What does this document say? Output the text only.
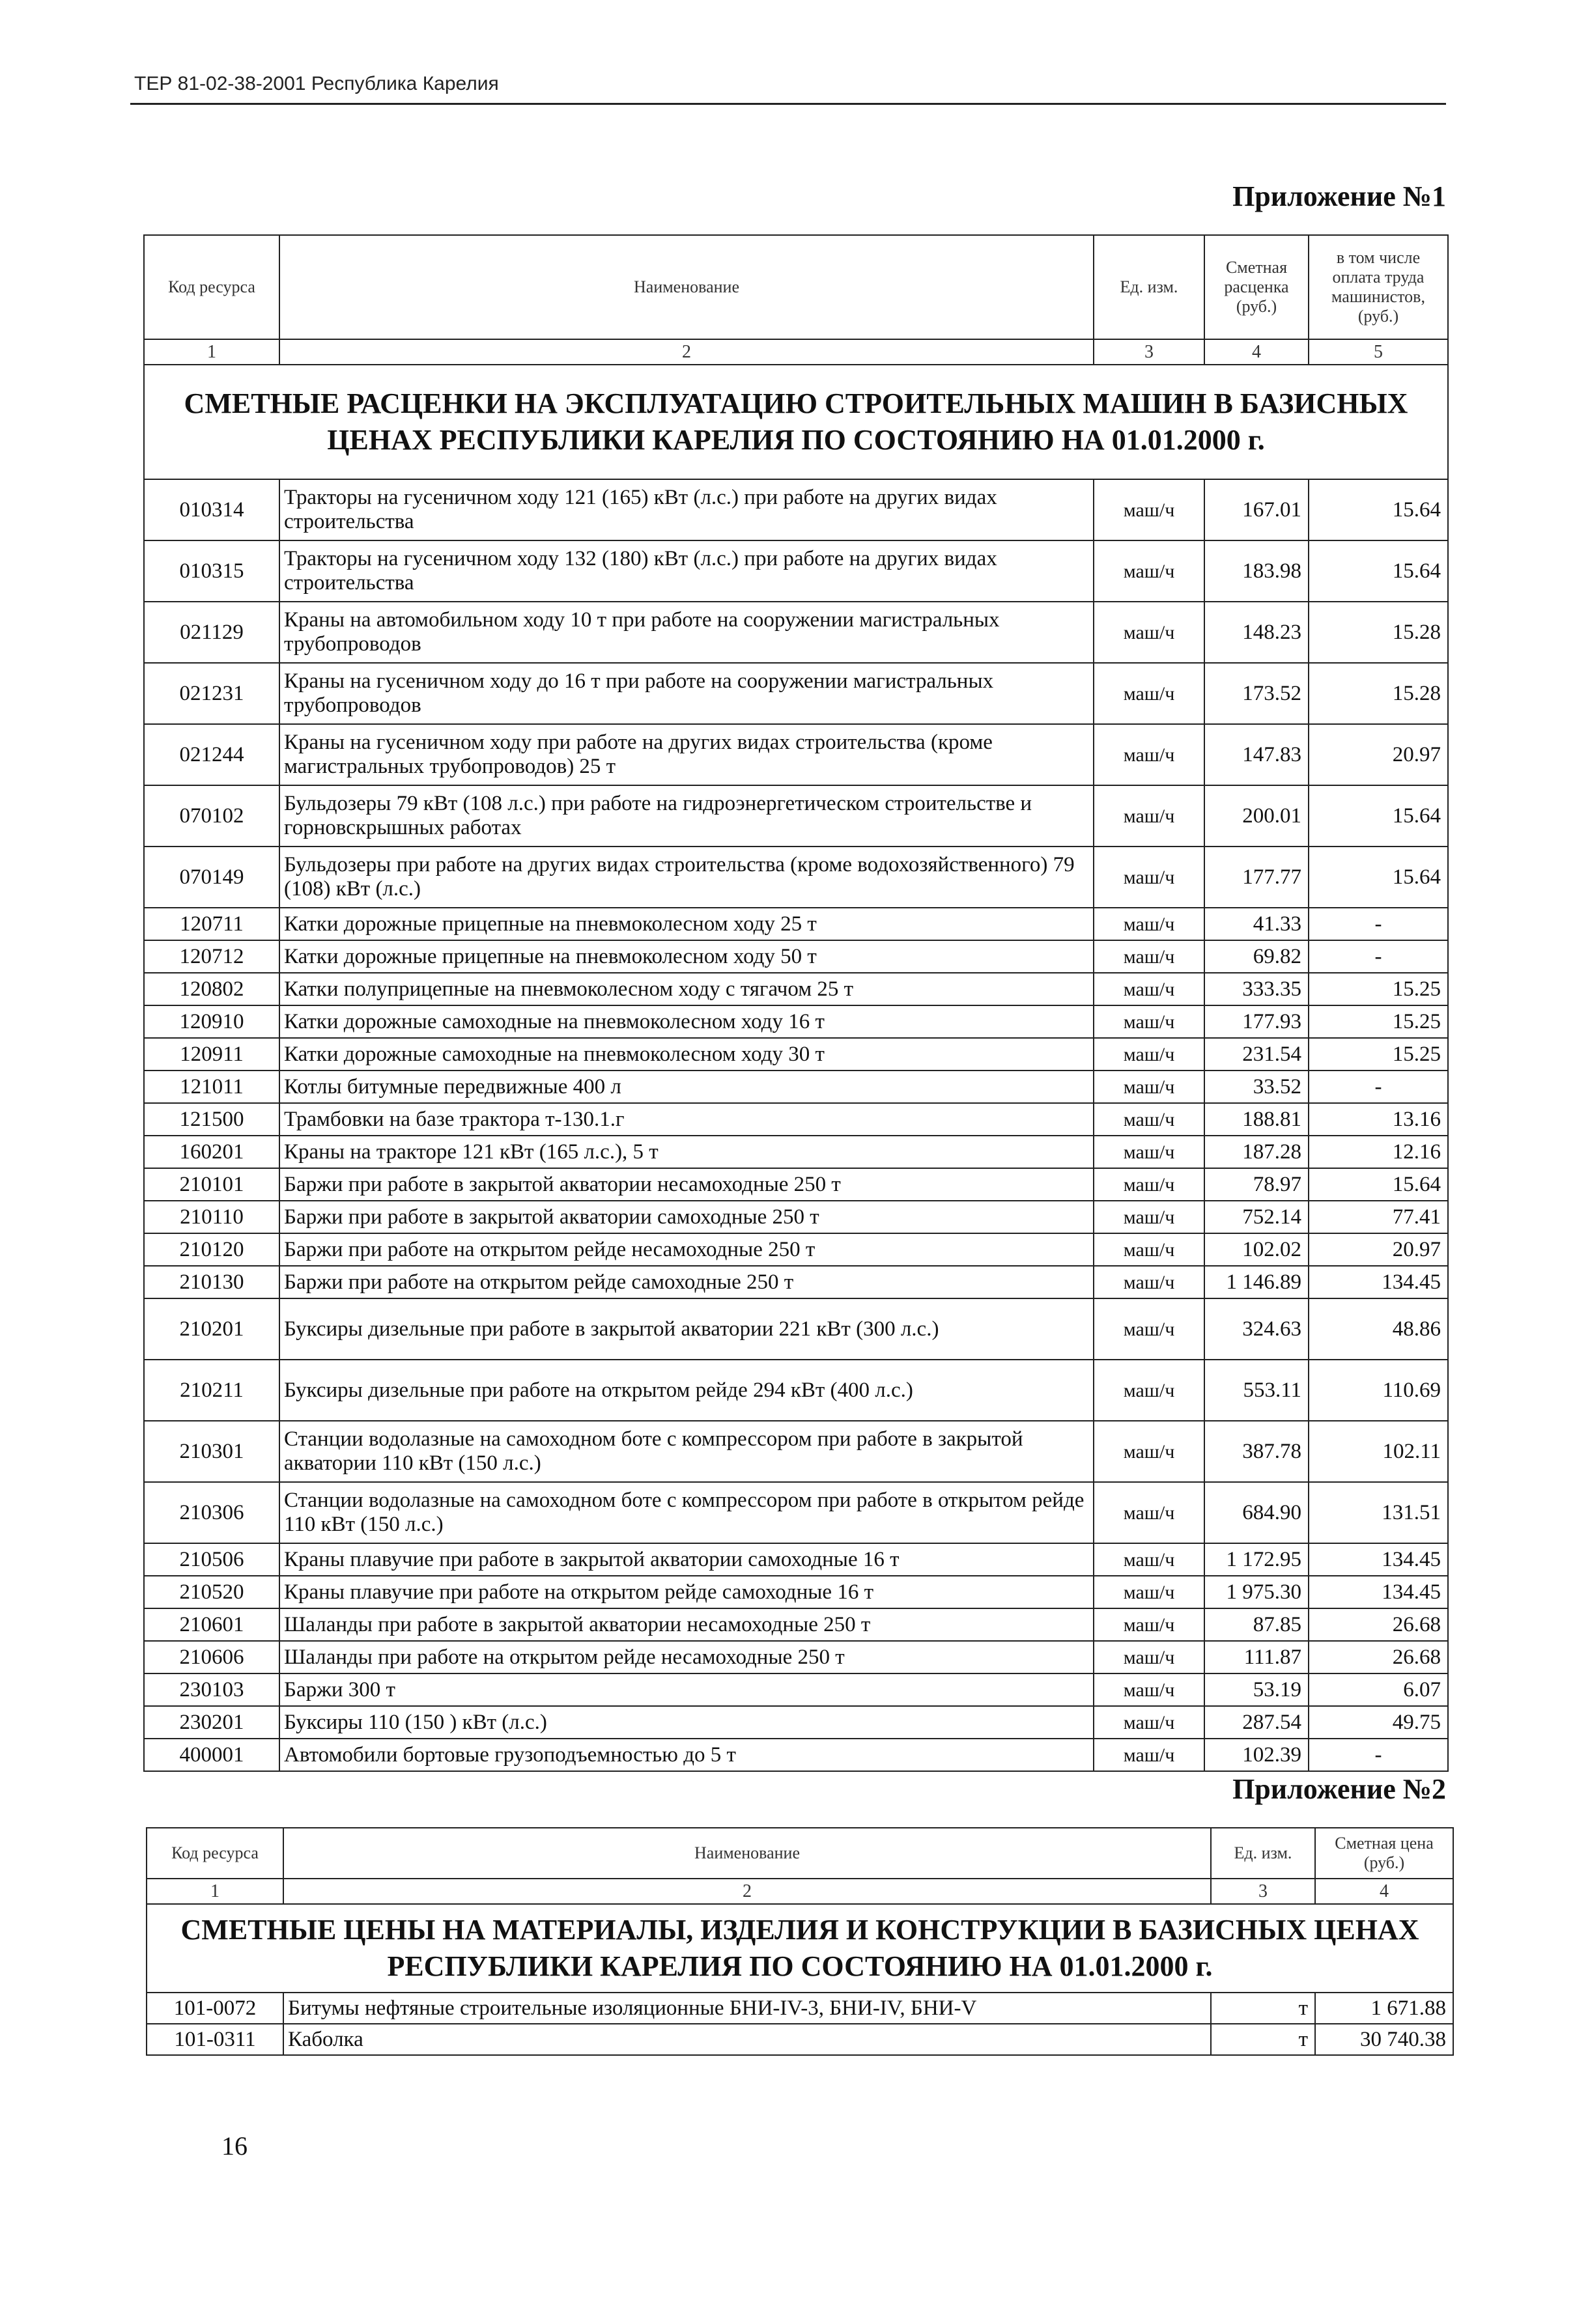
ТЕР 81-02-38-2001 Республика Карелия
Приложение №1
Код ресурса	Наименование	Ед. изм.	Сметная расценка (руб.)	в том числе оплата труда машинистов, (руб.)
1	2	3	4	5
СМЕТНЫЕ РАСЦЕНКИ НА ЭКСПЛУАТАЦИЮ СТРОИТЕЛЬНЫХ МАШИН В БАЗИСНЫХ ЦЕНАХ РЕСПУБЛИКИ КАРЕЛИЯ ПО СОСТОЯНИЮ НА 01.01.2000 г.				
010314	Тракторы на гусеничном ходу 121 (165) кВт (л.с.) при работе на других видах строительства	маш/ч	167.01	15.64
010315	Тракторы на гусеничном ходу 132 (180) кВт (л.с.) при работе на других видах строительства	маш/ч	183.98	15.64
021129	Краны на автомобильном ходу 10 т при работе на сооружении магистральных трубопроводов	маш/ч	148.23	15.28
021231	Краны на гусеничном ходу до 16 т при работе на сооружении магистральных трубопроводов	маш/ч	173.52	15.28
021244	Краны на гусеничном ходу при работе на других видах строительства (кроме магистральных трубопроводов) 25 т	маш/ч	147.83	20.97
070102	Бульдозеры 79 кВт (108 л.с.) при работе на гидроэнергетическом строительстве и горновскрышных работах	маш/ч	200.01	15.64
070149	Бульдозеры при работе на других видах строительства (кроме водохозяйственного) 79 (108) кВт (л.с.)	маш/ч	177.77	15.64
120711	Катки дорожные прицепные на пневмоколесном ходу 25 т	маш/ч	41.33	-
120712	Катки дорожные прицепные на пневмоколесном ходу 50 т	маш/ч	69.82	-
120802	Катки полуприцепные на пневмоколесном ходу с тягачом 25 т	маш/ч	333.35	15.25
120910	Катки дорожные самоходные на пневмоколесном ходу 16 т	маш/ч	177.93	15.25
120911	Катки дорожные самоходные на пневмоколесном ходу 30 т	маш/ч	231.54	15.25
121011	Котлы битумные передвижные 400 л	маш/ч	33.52	-
121500	Трамбовки на базе трактора т-130.1.г	маш/ч	188.81	13.16
160201	Краны на тракторе 121 кВт (165 л.с.), 5 т	маш/ч	187.28	12.16
210101	Баржи при работе в закрытой акватории несамоходные 250 т	маш/ч	78.97	15.64
210110	Баржи при работе в закрытой акватории самоходные 250 т	маш/ч	752.14	77.41
210120	Баржи при работе на открытом рейде несамоходные 250 т	маш/ч	102.02	20.97
210130	Баржи при работе на открытом рейде самоходные 250 т	маш/ч	1 146.89	134.45
210201	Буксиры дизельные при работе в закрытой акватории 221 кВт (300 л.с.)	маш/ч	324.63	48.86
210211	Буксиры дизельные при работе на открытом рейде 294 кВт (400 л.с.)	маш/ч	553.11	110.69
210301	Станции водолазные на самоходном боте с компрессором при работе в закрытой акватории 110 кВт (150 л.с.)	маш/ч	387.78	102.11
210306	Станции водолазные на самоходном боте с компрессором при работе в открытом рейде 110 кВт (150 л.с.)	маш/ч	684.90	131.51
210506	Краны плавучие при работе в закрытой акватории самоходные 16 т	маш/ч	1 172.95	134.45
210520	Краны плавучие при работе на открытом рейде самоходные 16 т	маш/ч	1 975.30	134.45
210601	Шаланды при работе в закрытой акватории несамоходные 250 т	маш/ч	87.85	26.68
210606	Шаланды при работе на открытом рейде несамоходные 250 т	маш/ч	111.87	26.68
230103	Баржи 300 т	маш/ч	53.19	6.07
230201	Буксиры 110 (150 ) кВт (л.с.)	маш/ч	287.54	49.75
400001	Автомобили бортовые грузоподъемностью до 5 т	маш/ч	102.39	-
Приложение №2
Код ресурса	Наименование	Ед. изм.	Сметная цена (руб.)
1	2	3	4
СМЕТНЫЕ ЦЕНЫ НА МАТЕРИАЛЫ, ИЗДЕЛИЯ И КОНСТРУКЦИИ В БАЗИСНЫХ ЦЕНАХ РЕСПУБЛИКИ КАРЕЛИЯ ПО СОСТОЯНИЮ НА 01.01.2000 г.			
101-0072	Битумы нефтяные строительные изоляционные БНИ-IV-3, БНИ-IV, БНИ-V	т	1 671.88
101-0311	Каболка	т	30 740.38
16
